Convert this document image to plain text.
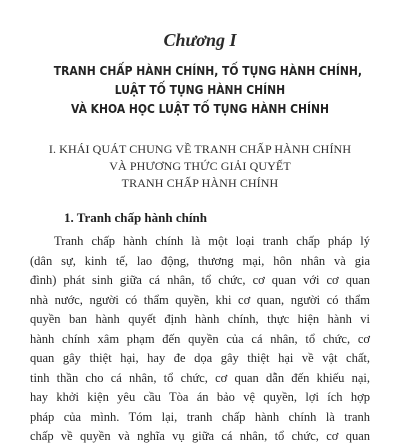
Chương I
TRANH CHẤP HÀNH CHÍNH, TỐ TỤNG HÀNH CHÍNH,
LUẬT TỐ TỤNG HÀNH CHÍNH
VÀ KHOA HỌC LUẬT TỐ TỤNG HÀNH CHÍNH
I. KHÁI QUÁT CHUNG VỀ TRANH CHẤP HÀNH CHÍNH
VÀ PHƯƠNG THỨC GIẢI QUYẾT
TRANH CHẤP HÀNH CHÍNH
1. Tranh chấp hành chính
Tranh chấp hành chính là một loại tranh chấp pháp lý
(dân sự, kinh tế, lao động, thương mại, hôn nhân và gia
đình) phát sinh giữa cá nhân, tổ chức, cơ quan với cơ quan
nhà nước, người có thẩm quyền, khi cơ quan, người có thẩm
quyền ban hành quyết định hành chính, thực hiện hành vi
hành chính xâm phạm đến quyền của cá nhân, tổ chức, cơ
quan gây thiệt hại, hay đe dọa gây thiệt hại về vật chất,
tinh thần cho cá nhân, tổ chức, cơ quan dẫn đến khiếu nại,
hay khởi kiện yêu cầu Tòa án bảo vệ quyền, lợi ích hợp
pháp của mình. Tóm lại, tranh chấp hành chính là tranh
chấp về quyền và nghĩa vụ giữa cá nhân, tổ chức, cơ quan
